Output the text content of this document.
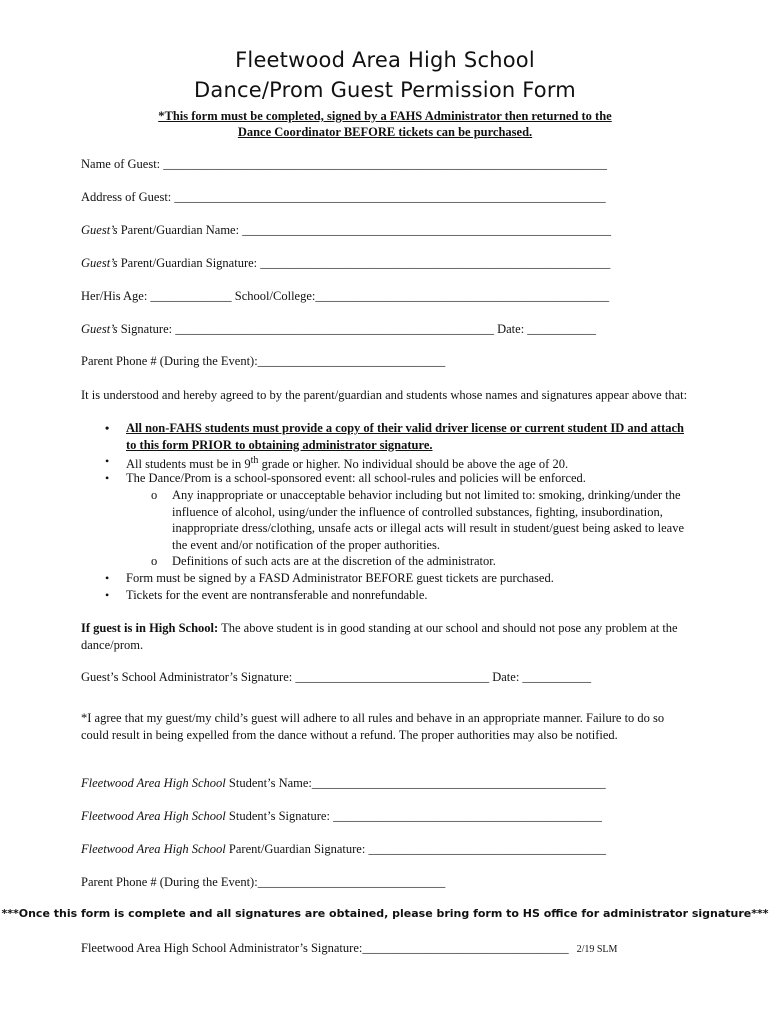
Fleetwood Area High School
Dance/Prom Guest Permission Form
*This form must be completed, signed by a FAHS Administrator then returned to the
Dance Coordinator BEFORE tickets can be purchased.
Name of Guest: _______________________________________________________________________
Address of Guest: _____________________________________________________________________
Guest’s Parent/Guardian Name: ___________________________________________________________
Guest’s Parent/Guardian Signature: ________________________________________________________
Her/His Age: _____________ School/College:_______________________________________________
Guest’s Signature: ___________________________________________________ Date: ___________
Parent Phone # (During the Event):______________________________
It is understood and hereby agreed to by the parent/guardian and students whose names and signatures appear above that:
• All non-FAHS students must provide a copy of their valid driver license or current student ID and attach to this form PRIOR to obtaining administrator signature.
• All students must be in 9th grade or higher. No individual should be above the age of 20.
• The Dance/Prom is a school-sponsored event: all school-rules and policies will be enforced.
o Any inappropriate or unacceptable behavior including but not limited to: smoking, drinking/under the influence of alcohol, using/under the influence of controlled substances, fighting, insubordination, inappropriate dress/clothing, unsafe acts or illegal acts will result in student/guest being asked to leave the event and/or notification of the proper authorities.
o Definitions of such acts are at the discretion of the administrator.
• Form must be signed by a FASD Administrator BEFORE guest tickets are purchased.
• Tickets for the event are nontransferable and nonrefundable.
If guest is in High School: The above student is in good standing at our school and should not pose any problem at the dance/prom.
Guest’s School Administrator’s Signature: _______________________________ Date: ___________
*I agree that my guest/my child’s guest will adhere to all rules and behave in an appropriate manner. Failure to do so could result in being expelled from the dance without a refund. The proper authorities may also be notified.
Fleetwood Area High School Student’s Name:_______________________________________________
Fleetwood Area High School Student’s Signature: ___________________________________________
Fleetwood Area High School Parent/Guardian Signature: ______________________________________
Parent Phone # (During the Event):______________________________
***Once this form is complete and all signatures are obtained, please bring form to HS office for administrator signature***
Fleetwood Area High School Administrator’s Signature:_________________________________ 2/19 SLM
